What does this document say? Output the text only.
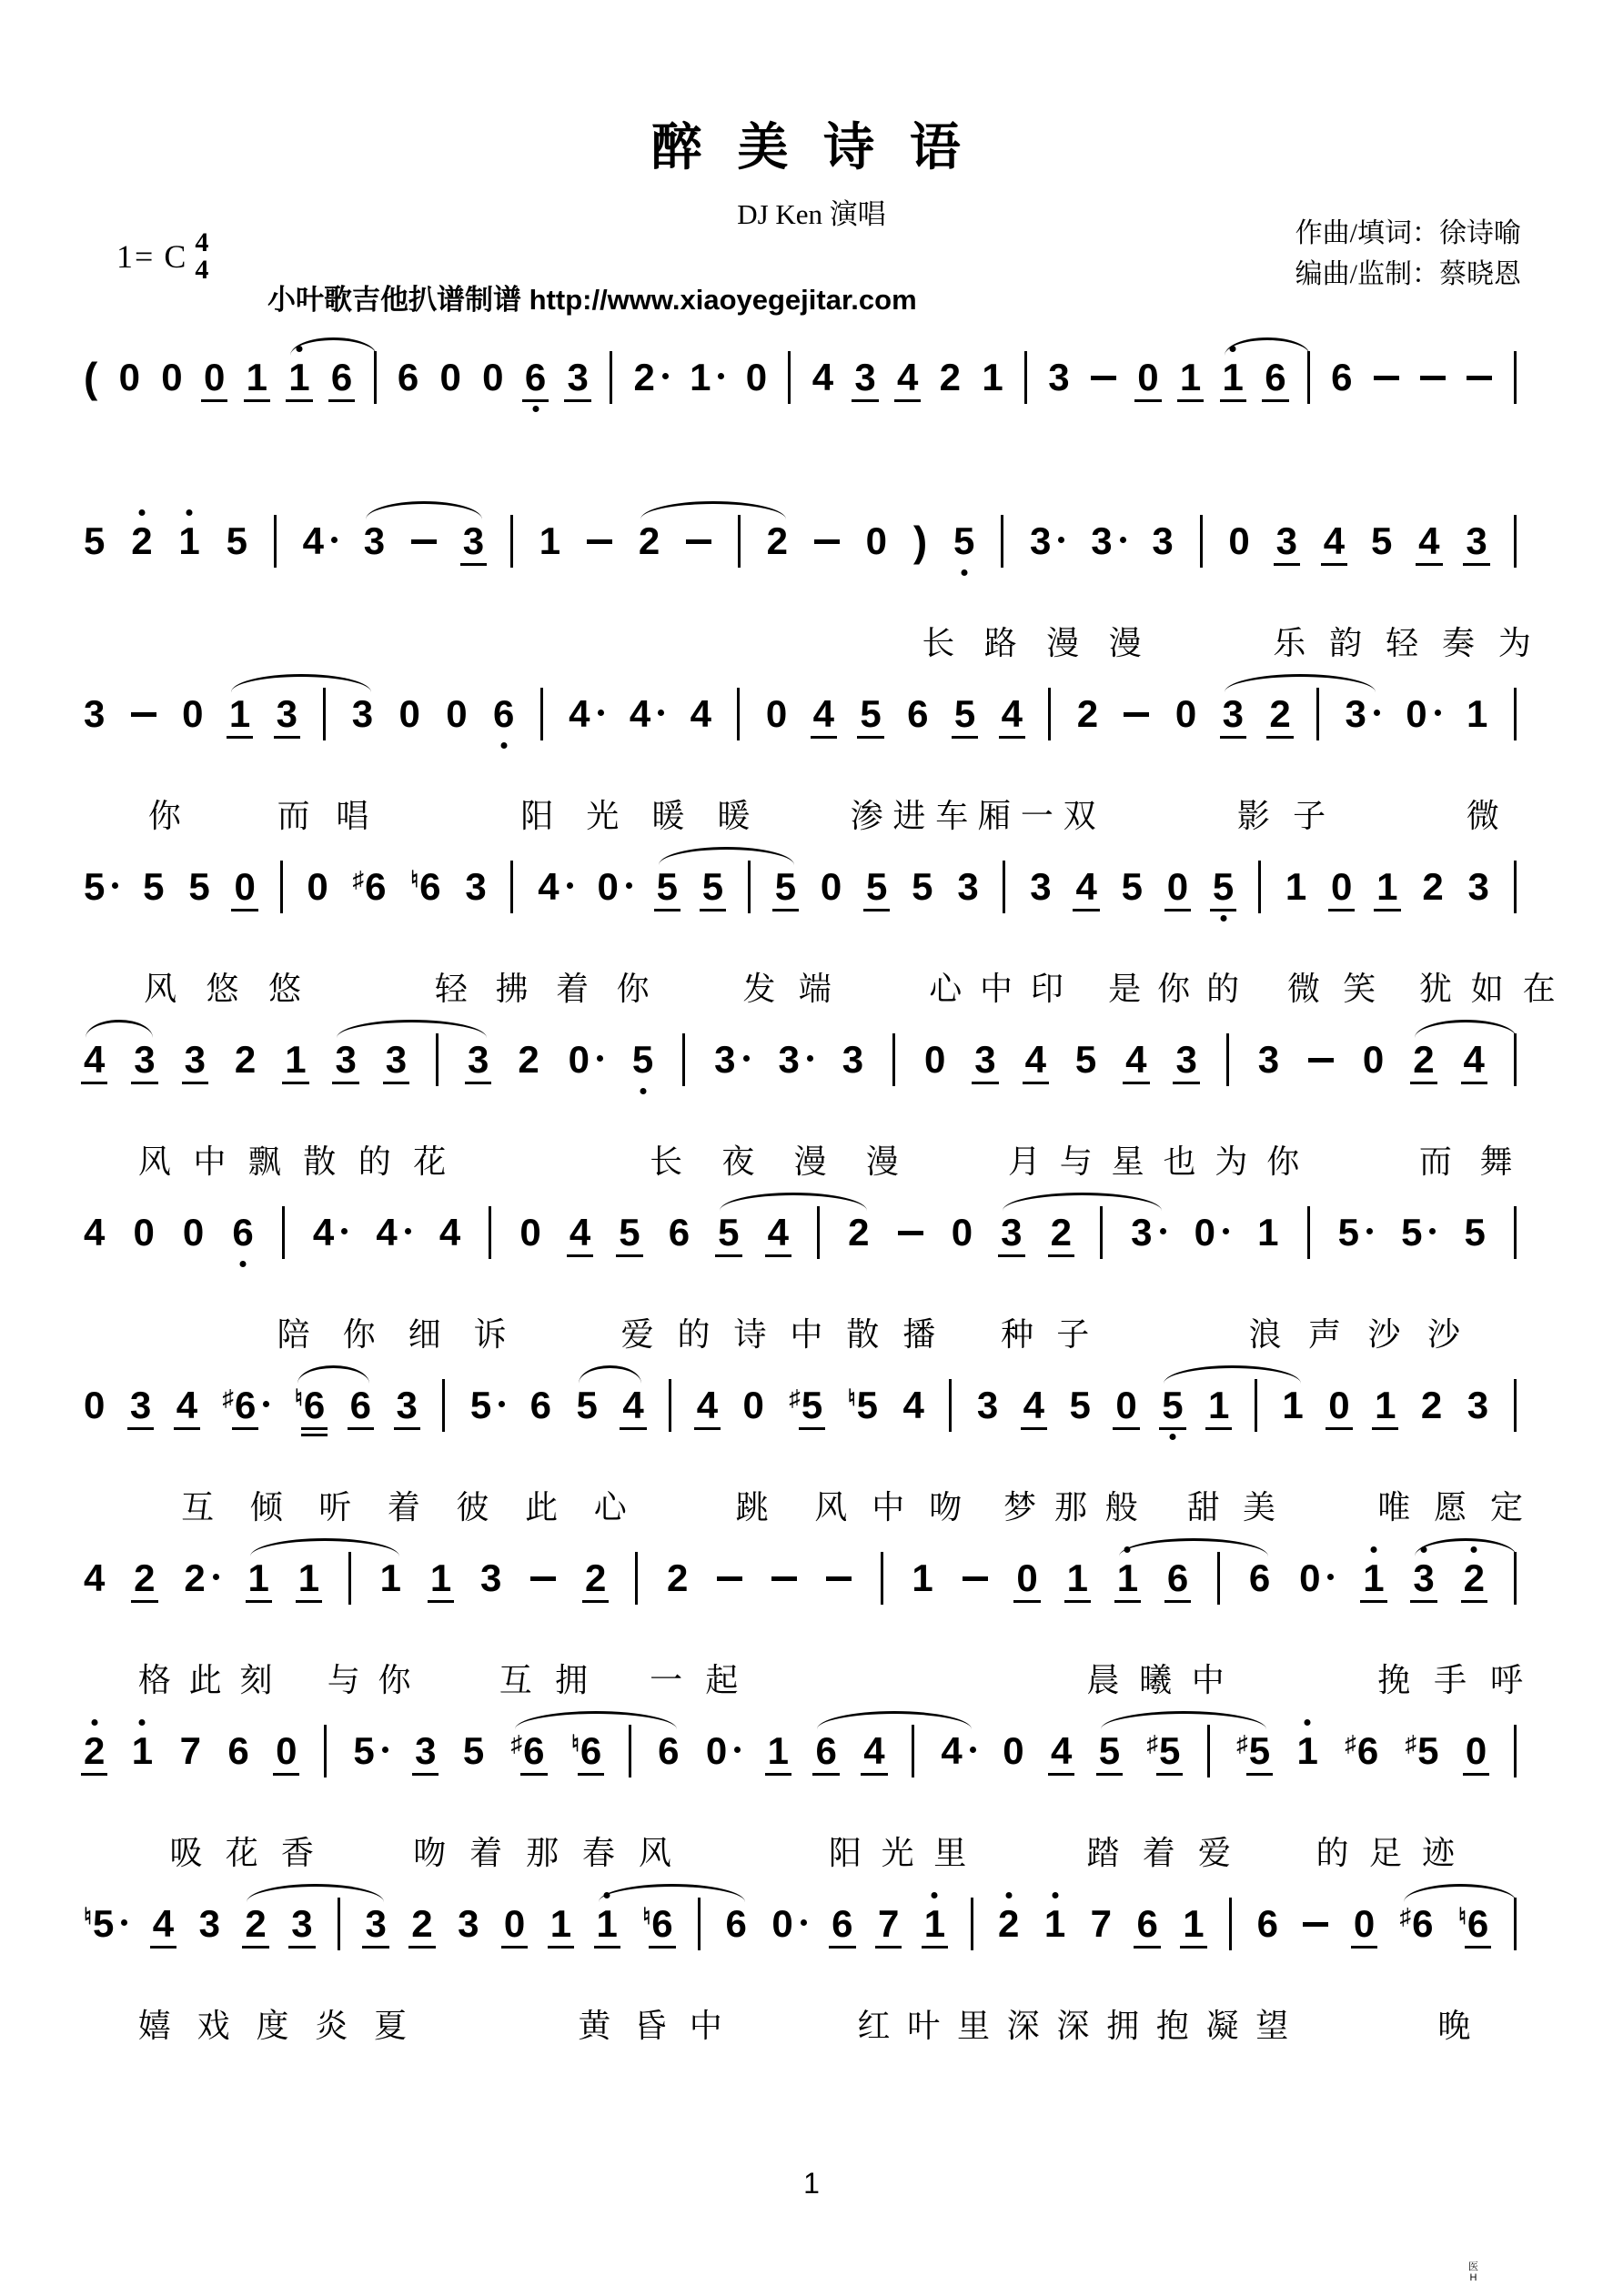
醉 美 诗 语
DJ Ken 演唱
作曲/填词：徐诗喻
编曲/监制：蔡晓恩
1= C 4
4
小叶歌吉他扒谱制谱 http://www.xiaoyegejitar.com
( 0 0 0 1 1 6 6 0 0 6 3 2 1 0 4 3 4 2 1 3 0 1 1 6 6
5 2 1 5 4 3 3 1 2	2 0 ) 5 3 3 3 0 3 4 5 4 3
长路漫漫	乐韵轻奏为
3 0 1 3 3 0 0 6 4 4 4 0 4 5 6 5 4 2 0 3 2 3 0 1
你 而唱	阳光暖暖 渗进车厢一双	影子	微
5 5 5 0 0 ♯ 6 ♮ 6 3 4 0 5 5 5 0 5 5 3 3 4 5 0 5 1 0 1 2 3
风悠悠	轻拂着你 发端 心中印 是你的 微笑 犹如在
4 3 3 2 1 3 3 3 2 0 5 3 3 3 0 3 4 5 4 3 3 0 2 4
风中飘散的花	长夜漫漫 月与星也为你	而舞
4 0 0 6 4 4 4 0 4 5 6 5 4 2 0 3 2 3 0 1 5 5 5
陪你细诉 爱的诗中散播 种子	浪声沙沙
0 3 4 ♯ 6 ♮ 6 6 3 5 6 5 4 4 0 ♯ 5 ♮ 5 4 3 4 5 0 5 1 1 0 1 2 3
互倾听着彼此心 跳 风中吻 梦那般 甜美 唯愿定
4 2 2 1 1 1 1 3 2 2	1 0 1 1 6 6 0 1 3 2
格此刻 与你 互拥 一起	晨曦中	挽手呼
2 1 7 6 0 5 3 5 ♯ 6 ♮ 6 6 0 1 6 4 4 0 4 5 ♯ 5 ♯ 5 1 ♯ 6 ♯ 5 0
吸花香 吻着那春风	阳光里	踏着爱 的足迹
♮ 5 4 3 2 3 3 2 3 0 1 1 ♮ 6 6 0 6 7 1 2 1 7 6 1 6 0 ♯ 6 ♮ 6
嬉戏度炎夏	黄昏中	红叶里深深拥抱凝望	晚
1
医
H
